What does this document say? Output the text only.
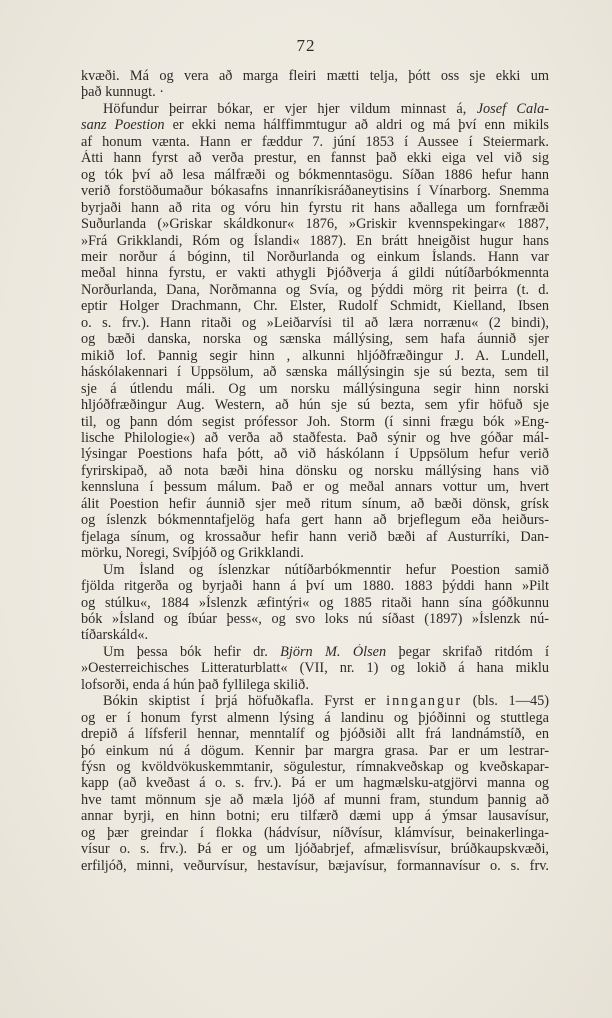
72
kvæði. Má og vera að marga fleiri mætti telja, þótt oss sje ekki um
það kunnugt. ·
Höfundur þeirrar bókar, er vjer hjer vildum minnast á, Josef Cala-
sanz Poestion er ekki nema hálffimmtugur að aldri og má því enn mikils
af honum vænta. Hann er fæddur 7. júní 1853 í Aussee í Steiermark.
Átti hann fyrst að verða prestur, en fannst það ekki eiga vel við sig
og tók því að lesa málfræði og bókmenntasögu. Síðan 1886 hefur hann
verið forstöðumaður bókasafns innanríkisráðaneytisins í Vínarborg. Snemma
byrjaði hann að rita og vóru hin fyrstu rit hans aðallega um fornfræði
Suðurlanda (»Griskar skáldkonur« 1876, »Griskir kvennspekingar« 1887,
»Frá Grikklandi, Róm og Íslandi« 1887). En brátt hneigðist hugur hans
meir norður á bóginn, til Norðurlanda og einkum Íslands. Hann var
meðal hinna fyrstu, er vakti athygli Þjóðverja á gildi nútíðarbókmennta
Norðurlanda, Dana, Norðmanna og Svía, og þýddi mörg rit þeirra (t. d.
eptir Holger Drachmann, Chr. Elster, Rudolf Schmidt, Kielland, Ibsen
o. s. frv.). Hann ritaði og »Leiðarvísi til að læra norrænu« (2 bindi),
og bæði danska, norska og sænska mállýsing, sem hafa áunnið sjer
mikið lof. Þannig segir hinn , alkunni hljóðfræðingur J. A. Lundell,
háskólakennari í Uppsölum, að sænska mállýsingin sje sú bezta, sem til
sje á útlendu máli. Og um norsku mállýsinguna segir hinn norski
hljóðfræðingur Aug. Western, að hún sje sú bezta, sem yfir höfuð sje
til, og þann dóm segist prófessor Joh. Storm (í sinni frægu bók »Eng-
lische Philologie«) að verða að staðfesta. Það sýnir og hve góðar mál-
lýsingar Poestions hafa þótt, að við háskólann í Uppsölum hefur verið
fyrirskipað, að nota bæði hina dönsku og norsku mállýsing hans við
kennsluna í þessum málum. Það er og meðal annars vottur um, hvert
álit Poestion hefir áunnið sjer með ritum sínum, að bæði dönsk, grísk
og íslenzk bókmenntafjelög hafa gert hann að brjeflegum eða heiðurs-
fjelaga sínum, og krossaður hefir hann verið bæði af Austurríki, Dan-
mörku, Noregi, Svíþjóð og Grikklandi.
Um Ísland og íslenzkar nútíðarbókmenntir hefur Poestion samið
fjölda ritgerða og byrjaði hann á því um 1880. 1883 þýddi hann »Pilt
og stúlku«, 1884 »Íslenzk æfintýri« og 1885 ritaði hann sína góðkunnu
bók »Ísland og íbúar þess«, og svo loks nú síðast (1897) »Íslenzk nú-
tíðarskáld«.
Um þessa bók hefir dr. Björn M. Ólsen þegar skrifað ritdóm í
»Oesterreichisches Litteraturblatt« (VII, nr. 1) og lokið á hana miklu
lofsorði, enda á hún það fyllilega skilið.
Bókin skiptist í þrjá höfuðkafla. Fyrst er inngangur (bls. 1—45)
og er í honum fyrst almenn lýsing á landinu og þjóðinni og stuttlega
drepið á lífsferil hennar, menntalíf og þjóðsiði allt frá landnámstíð, en
þó einkum nú á dögum. Kennir þar margra grasa. Þar er um lestrar-
fýsn og kvöldvökuskemmtanir, sögulestur, rímnakveðskap og kveðskapar-
kapp (að kveðast á o. s. frv.). Þá er um hagmælsku-atgjörvi manna og
hve tamt mönnum sje að mæla ljóð af munni fram, stundum þannig að
annar byrji, en hinn botni; eru tilfærð dæmi upp á ýmsar lausavísur,
og þær greindar í flokka (hádvísur, níðvísur, klámvísur, beinakerlinga-
vísur o. s. frv.). Þá er og um ljóðabrjef, afmælisvísur, brúðkaupskvæði,
erfiljóð, minni, veðurvísur, hestavísur, bæjavísur, formannavísur o. s. frv.
